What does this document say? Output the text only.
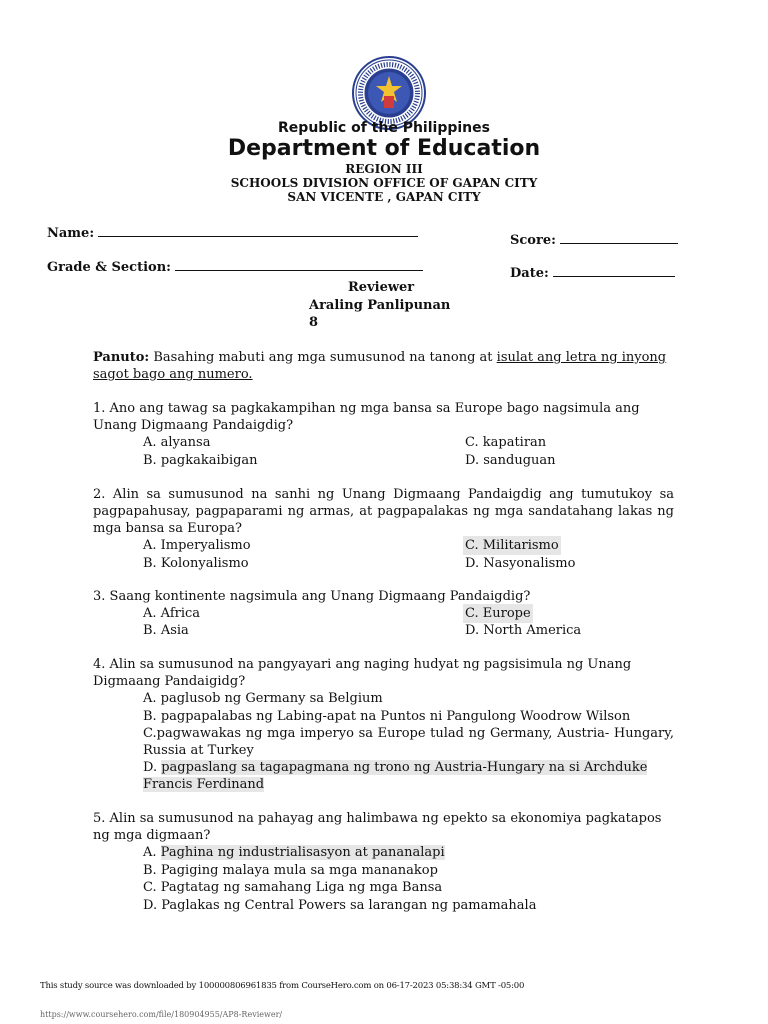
Republic of the Philippines
Department of Education
REGION III
SCHOOLS DIVISION OFFICE OF GAPAN CITY
SAN VICENTE , GAPAN CITY
Name:	Score:
Grade & Section:	Date:
Reviewer
Araling Panlipunan
8
Panuto: Basahing mabuti ang mga sumusunod na tanong at isulat ang letra ng inyong
sagot bago ang numero.
1. Ano ang tawag sa pagkakampihan ng mga bansa sa Europe bago nagsimula ang
Unang Digmaang Pandaigdig?
A. alyansa	C. kapatiran
B. pagkakaibigan	D. sanduguan
2. Alin sa sumusunod na sanhi ng Unang Digmaang Pandaigdig ang tumutukoy sa
pagpapahusay, pagpaparami ng armas, at pagpapalakas ng mga sandatahang lakas ng
mga bansa sa Europa?
A. Imperyalismo	C. Militarismo
B. Kolonyalismo	D. Nasyonalismo
3. Saang kontinente nagsimula ang Unang Digmaang Pandaigdig?
A. Africa	C. Europe
B. Asia	D. North America
4. Alin sa sumusunod na pangyayari ang naging hudyat ng pagsisimula ng Unang
Digmaang Pandaigidg?
A. paglusob ng Germany sa Belgium
B. pagpapalabas ng Labing-apat na Puntos ni Pangulong Woodrow Wilson
C.pagwawakas ng mga imperyo sa Europe tulad ng Germany, Austria- Hungary,
Russia at Turkey
D. pagpaslang sa tagapagmana ng trono ng Austria-Hungary na si Archduke
Francis Ferdinand
5. Alin sa sumusunod na pahayag ang halimbawa ng epekto sa ekonomiya pagkatapos
ng mga digmaan?
A. Paghina ng industrialisasyon at pananalapi
B. Pagiging malaya mula sa mga mananakop
C. Pagtatag ng samahang Liga ng mga Bansa
D. Paglakas ng Central Powers sa larangan ng pamamahala
This study source was downloaded by 100000806961835 from CourseHero.com on 06-17-2023 05:38:34 GMT -05:00
https://www.coursehero.com/file/180904955/AP8-Reviewer/
